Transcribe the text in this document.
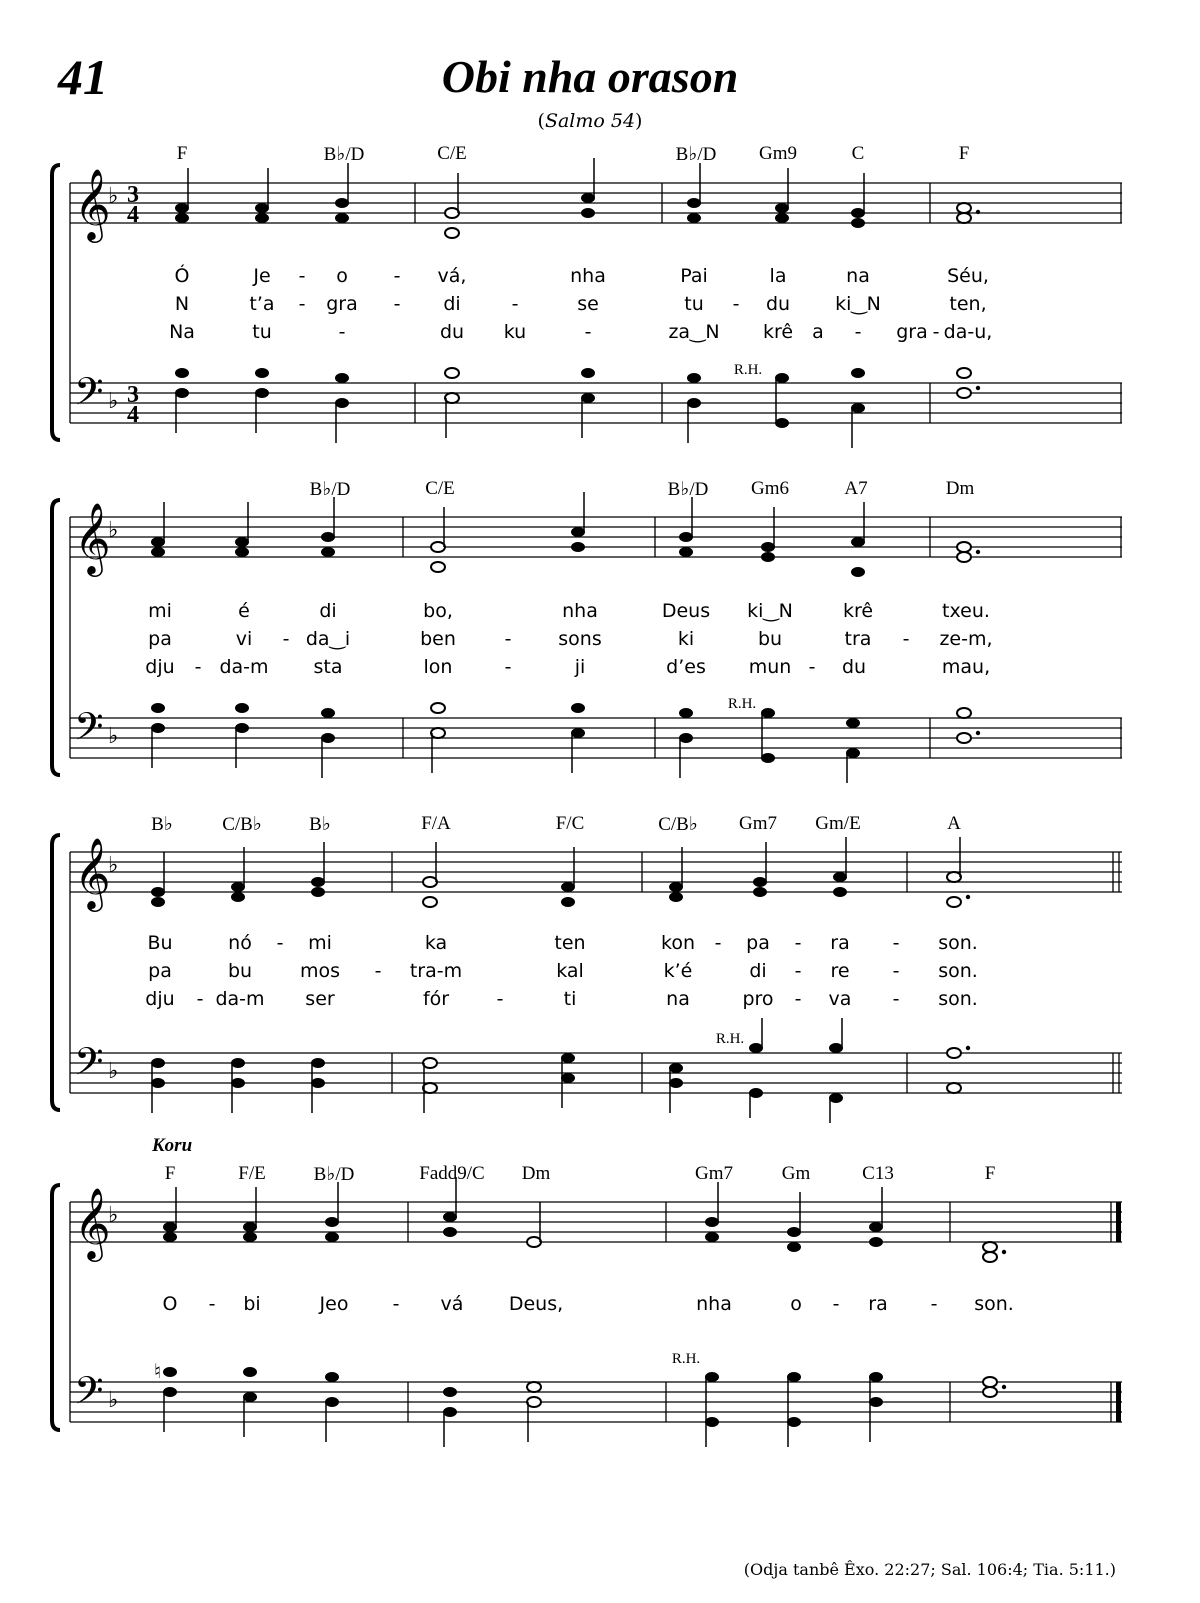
41	Obi nha orason
(Salmo 54)
𝄞
𝄢
♭
♭
3
4
3
4
F	B♭/D	C/E	B♭/D Gm9	C	F
Ó	Je - o - vá,	nha	Pai	la	na	Séu,
N	t’a - gra - di	-	se	tu - du ki‿N	ten,
Na	tu	-	du ku	-	za‿N krê a - gra - da-u,
R.H.
𝄞
𝄢
♭
♭
B♭/D	C/E	B♭/D Gm6	A7	Dm
mi	é	di	bo,	nha	Deus ki‿N	krê	txeu.
pa	vi - da‿i	ben	- sons	ki	bu	tra - ze-m,
dju - da-m sta	lon	-	ji	d’es mun - du	mau,
R.H.
𝄞
𝄢
♭
♭
B♭	C/B♭ B♭	F/A	F/C	C/B♭ Gm7 Gm/E	A
Bu	nó - mi	ka	ten	kon - pa - ra - son.
pa	bu	mos - tra-m	kal	k’é	di - re - son.
dju - da-m ser	fór	-	ti	na	pro - va - son.
R.H.
Koru
𝄞
𝄢
♭
♭
♮
F	F/E	B♭/D	Fadd9/C Dm	Gm7	Gm	C13	F
O - bi	Jeo - vá Deus,	nha	o - ra - son.
R.H.
(Odja tanbê Êxo. 22:27; Sal. 106:4; Tia. 5:11.)
